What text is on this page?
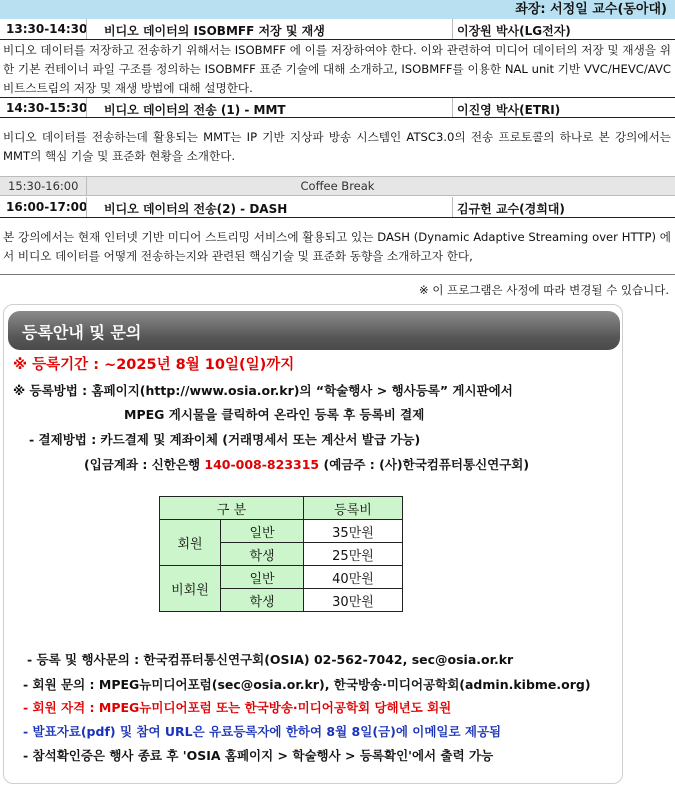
좌장: 서정일 교수(동아대)
13:30-14:30 비디오 데이터의 ISOBMFF 저장 및 재생	이장원 박사(LG전자)
비디오 데이터를 저장하고 전송하기 위해서는 ISOBMFF 에 이를 저장하여야 한다. 이와 관련하여 미디어 데이터의 저장 및 재생을 위한 기본 컨테이너 파일 구조를 정의하는 ISOBMFF 표준 기술에 대해 소개하고, ISOBMFF를 이용한 NAL unit 기반 VVC/HEVC/AVC 비트스트림의 저장 및 재생 방법에 대해 설명한다.
14:30-15:30 비디오 데이터의 전송 (1) - MMT	이진영 박사(ETRI)
비디오 데이터를 전송하는데 활용되는 MMT는 IP 기반 지상파 방송 시스템인 ATSC3.0의 전송 프로토콜의 하나로 본 강의에서는 MMT의 핵심 기술 및 표준화 현황을 소개한다.
15:30-16:00	Coffee Break
16:00-17:00 비디오 데이터의 전송(2) - DASH	김규헌 교수(경희대)
본 강의에서는 현재 인터넷 기반 미디어 스트리밍 서비스에 활용되고 있는 DASH (Dynamic Adaptive Streaming over HTTP) 에서 비디오 데이터를 어떻게 전송하는지와 관련된 핵심기술 및 표준화 동향을 소개하고자 한다,
※ 이 프로그램은 사정에 따라 변경될 수 있습니다.
등록안내 및 문의
※ 등록기간 : ~2025년 8월 10일(일)까지
※ 등록방법 : 홈페이지(http://www.osia.or.kr)의 “학술행사 > 행사등록” 게시판에서
MPEG 게시물을 클릭하여 온라인 등록 후 등록비 결제
- 결제방법 : 카드결제 및 계좌이체 (거래명세서 또는 계산서 발급 가능)
(입금계좌 : 신한은행 140-008-823315 (예금주 : (사)한국컴퓨터통신연구회)
구 분		등록비
회원	일반	35만원
	학생	25만원
비회원	일반	40만원
	학생	30만원
- 등록 및 행사문의 : 한국컴퓨터통신연구회(OSIA) 02-562-7042, sec@osia.or.kr
- 회원 문의 : MPEG뉴미디어포럼(sec@osia.or.kr), 한국방송·미디어공학회(admin.kibme.org)
- 회원 자격 : MPEG뉴미디어포럼 또는 한국방송·미디어공학회 당해년도 회원
- 발표자료(pdf) 및 참여 URL은 유료등록자에 한하여 8월 8일(금)에 이메일로 제공됨
- 참석확인증은 행사 종료 후 'OSIA 홈페이지 > 학술행사 > 등록확인'에서 출력 가능
